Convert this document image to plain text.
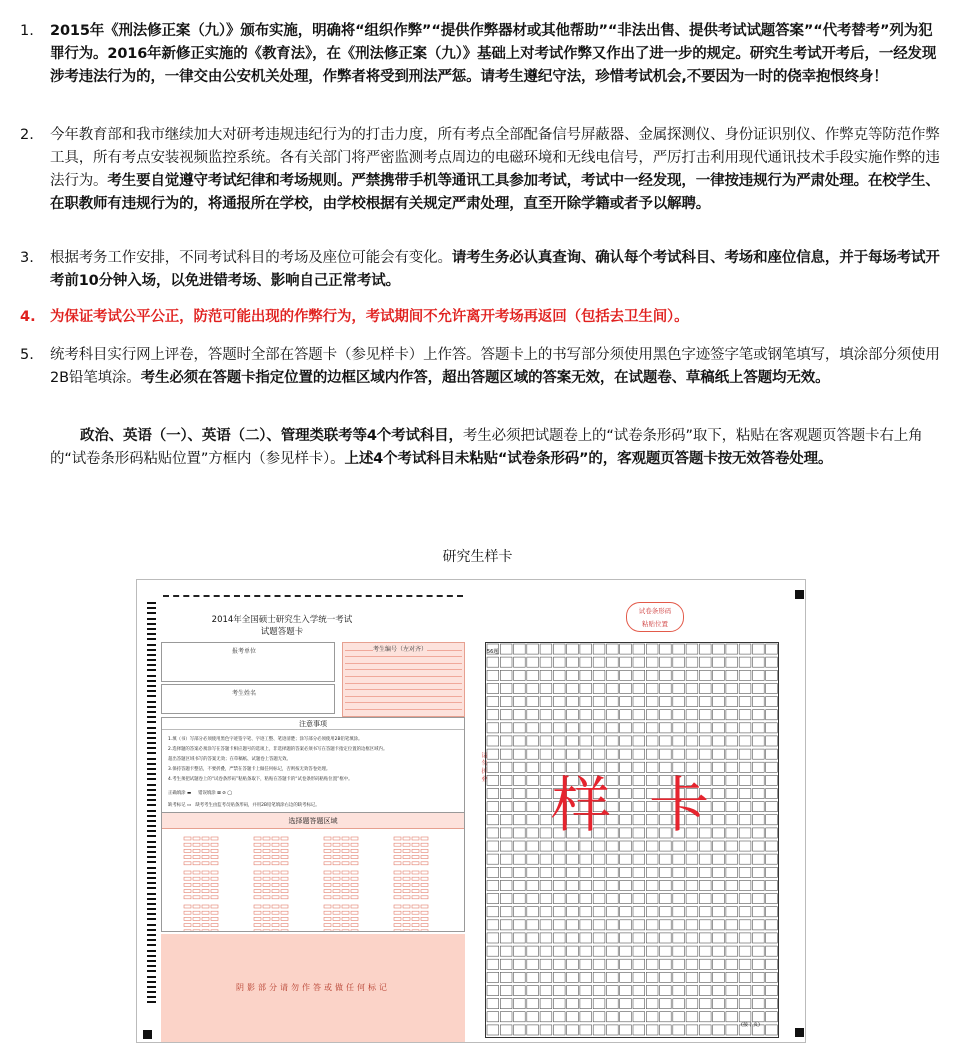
1. 2015年《刑法修正案（九）》颁布实施，明确将“组织作弊”“提供作弊器材或其他帮助”“非法出售、提供考试试题答案”“代考替考”列为犯罪行为。2016年新修正实施的《教育法》，在《刑法修正案（九）》基础上对考试作弊又作出了进一步的规定。研究生考试开考后，一经发现涉考违法行为的，一律交由公安机关处理，作弊者将受到刑法严惩。请考生遵纪守法，珍惜考试机会,不要因为一时的侥幸抱恨终身！
2. 今年教育部和我市继续加大对研考违规违纪行为的打击力度，所有考点全部配备信号屏蔽器、金属探测仪、身份证识别仪、作弊克等防范作弊工具，所有考点安装视频监控系统。各有关部门将严密监测考点周边的电磁环境和无线电信号，严厉打击利用现代通讯技术手段实施作弊的违法行为。考生要自觉遵守考试纪律和考场规则。严禁携带手机等通讯工具参加考试，考试中一经发现，一律按违规行为严肃处理。在校学生、在职教师有违规行为的，将通报所在学校，由学校根据有关规定严肃处理，直至开除学籍或者予以解聘。
3. 根据考务工作安排，不同考试科目的考场及座位可能会有变化。请考生务必认真查询、确认每个考试科目、考场和座位信息，并于每场考试开考前10分钟入场，以免进错考场、影响自己正常考试。
4. 为保证考试公平公正，防范可能出现的作弊行为，考试期间不允许离开考场再返回（包括去卫生间）。
5. 统考科目实行网上评卷，答题时全部在答题卡（参见样卡）上作答。答题卡上的书写部分须使用黑色字迹签字笔或钢笔填写，填涂部分须使用2B铅笔填涂。考生必须在答题卡指定位置的边框区域内作答，超出答题区域的答案无效，在试题卷、草稿纸上答题均无效。
政治、英语（一）、英语（二）、管理类联考等4个考试科目，考生必须把试题卷上的“试卷条形码”取下，粘贴在客观题页答题卡右上角的“试卷条形码粘贴位置”方框内（参见样卡）。上述4个考试科目未粘贴“试卷条形码”的，客观题页答题卡按无效答卷处理。
研究生样卡
2014年全国硕士研究生入学统一考试
试题答题卡
报考单位
考生姓名
考生编号（左对齐）
注意事项
1.填（书）写部分必须使用黑色字迹签字笔、字迹工整、笔迹清楚；涂写部分必须使用2B铅笔填涂。
2.选择题的答案必须涂写在答题卡相应题号的选项上，非选择题的答案必须书写在答题卡指定位置的边框区域内。
超出答题区域书写的答案无效；在草稿纸、试题卷上答题无效。
3.保持答题卡整洁，不要折叠，严禁在答题卡上做任何标记，否则按无效答卷处理。
4.考生须把试题卷上的“试卷条形码”粘贴条取下，粘贴在答题卡的“试卷条形码粘贴位置”框中。
正确填涂 ▬     错误填涂 ⊠ ⊘ ◯
缺考标记 ▭   缺考考生由监考员贴条形码，并用2B铅笔填涂右边的缺考标记。
选择题答题区域
阴影部分请勿作答或做任何标记
请 勿 折 叠
试卷条形码
粘贴位置
56题
样卡
(接下页)
